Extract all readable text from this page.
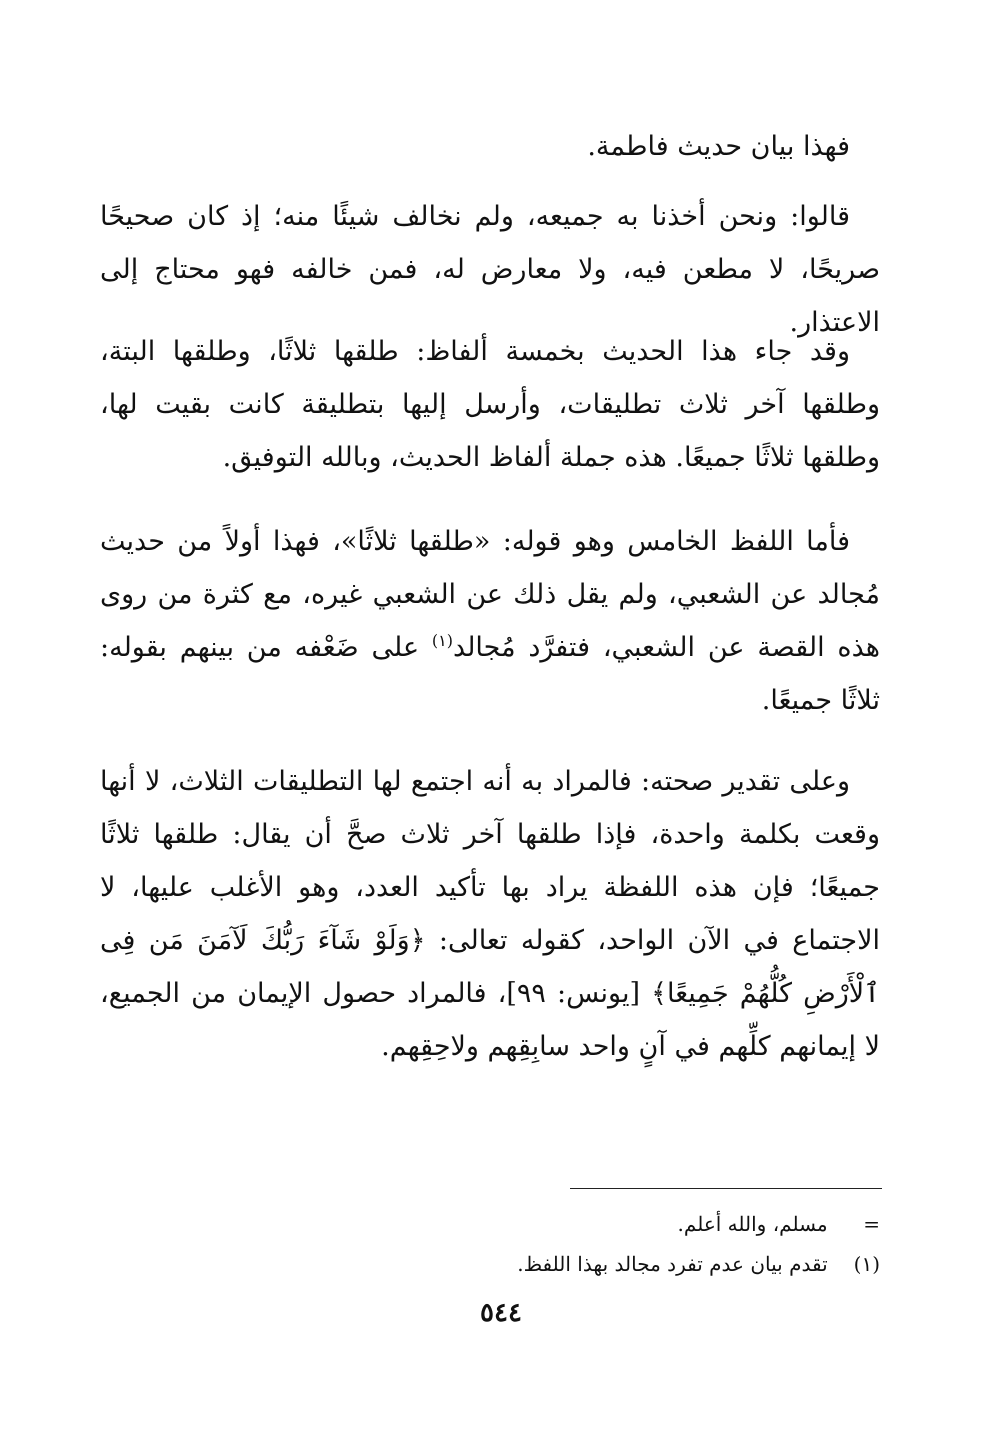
فهذا بيان حديث فاطمة.

قالوا: ونحن أخذنا به جميعه، ولم نخالف شيئًا منه؛ إذ كان صحيحًا صريحًا، لا مطعن فيه، ولا معارض له، فمن خالفه فهو محتاج إلى الاعتذار.

وقد جاء هذا الحديث بخمسة ألفاظ: طلقها ثلاثًا، وطلقها البتة، وطلقها آخر ثلاث تطليقات، وأرسل إليها بتطليقة كانت بقيت لها، وطلقها ثلاثًا جميعًا. هذه جملة ألفاظ الحديث، وبالله التوفيق.

فأما اللفظ الخامس وهو قوله: «طلقها ثلاثًا»، فهذا أولاً من حديث مُجالد عن الشعبي، ولم يقل ذلك عن الشعبي غيره، مع كثرة من روى هذه القصة عن الشعبي، فتفرَّد مُجالد$^{(١)}$ على ضَعْفه من بينهم بقوله: ثلاثًا جميعًا.

وعلى تقدير صحته: فالمراد به أنه اجتمع لها التطليقات الثلاث، لا أنها وقعت بكلمة واحدة، فإذا طلقها آخر ثلاث صحَّ أن يقال: طلقها ثلاثًا جميعًا؛ فإن هذه اللفظة يراد بها تأكيد العدد، وهو الأغلب عليها، لا الاجتماع في الآن الواحد، كقوله تعالى: ﴿وَلَوْ شَآءَ رَبُّكَ لَآمَنَ مَن فِى ٱلْأَرْضِ كُلُّهُمْ جَمِيعًا﴾ [يونس: ٩٩]، فالمراد حصول الإيمان من الجميع، لا إيمانهم كلِّهم في آنٍ واحد سابِقِهم ولاحِقِهم.

= مسلم، والله أعلم.
(١) تقدم بيان عدم تفرد مجالد بهذا اللفظ.
٥٤٤
